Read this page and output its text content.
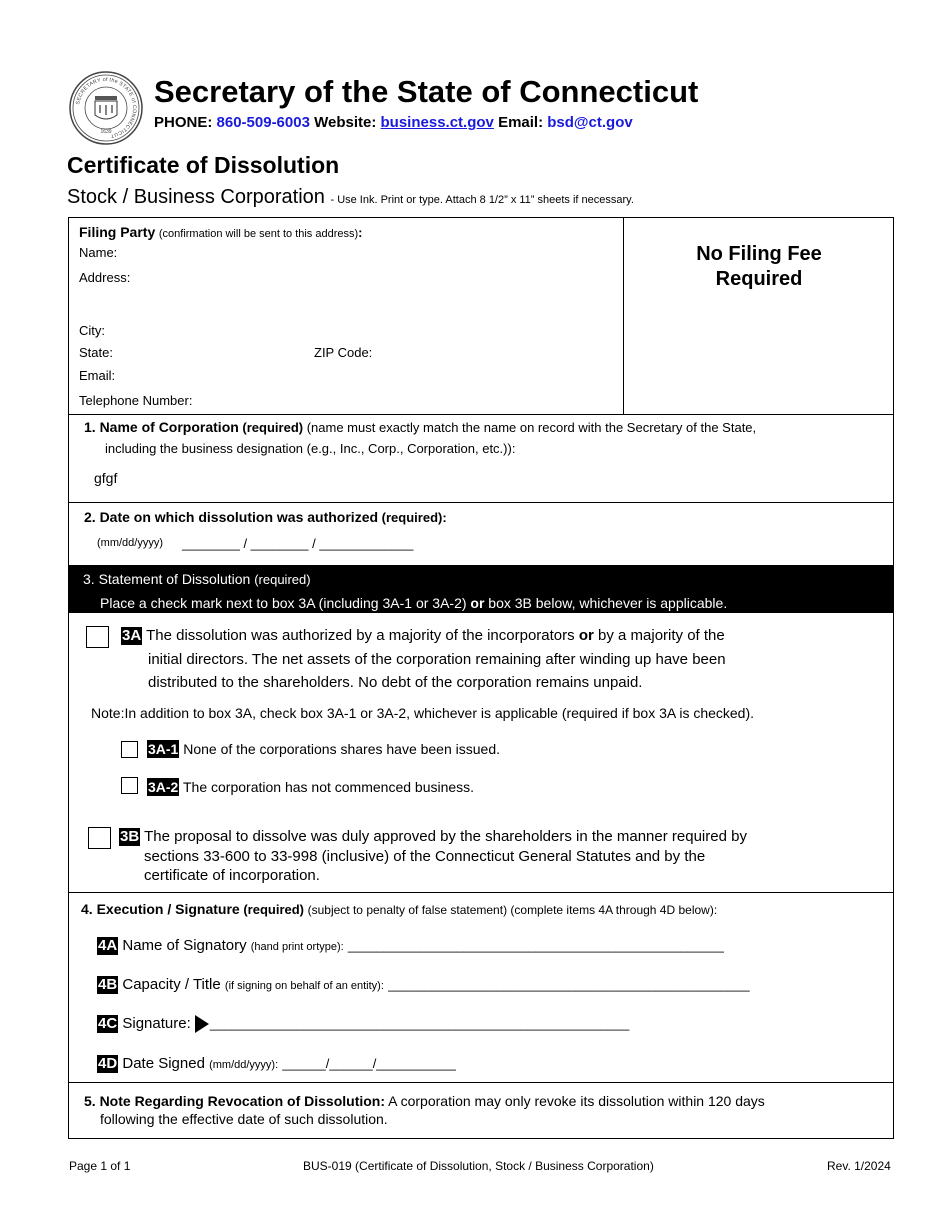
SECRETARY of the STATE of CONNECTICUT
1639
Secretary of the State of Connecticut
PHONE: 860-509-6003 Website: business.ct.gov Email: bsd@ct.gov
Certificate of Dissolution
Stock / Business Corporation - Use Ink. Print or type. Attach 8 1/2” x 11” sheets if necessary.
Filing Party (confirmation will be sent to this address):
Name:
Address:
City:
State:	ZIP Code:
Email:
Telephone Number:
No Filing Fee
Required
1. Name of Corporation (required) (name must exactly match the name on record with the Secretary of the State,
including the business designation (e.g., Inc., Corp., Corporation, etc.)):
gfgf
2. Date on which dissolution was authorized (required):
(mm/dd/yyyy) ________ / ________ / _____________
3. Statement of Dissolution (required)
Place a check mark next to box 3A (including 3A-1 or 3A-2) or box 3B below, whichever is applicable.
3A The dissolution was authorized by a majority of the incorporators or by a majority of the
initial directors. The net assets of the corporation remaining after winding up have been
distributed to the shareholders. No debt of the corporation remains unpaid.
Note:In addition to box 3A, check box 3A-1 or 3A-2, whichever is applicable (required if box 3A is checked).
3A-1 None of the corporations shares have been issued.
3A-2 The corporation has not commenced business.
3B The proposal to dissolve was duly approved by the shareholders in the manner required by
sections 33-600 to 33-998 (inclusive) of the Connecticut General Statutes and by the
certificate of incorporation.
4. Execution / Signature (required) (subject to penalty of false statement) (complete items 4A through 4D below):
4A Name of Signatory (hand print ortype): ____________________________________________________
4B Capacity / Title (if signing on behalf of an entity): __________________________________________________
4C Signature: __________________________________________________________
4D Date Signed (mm/dd/yyyy): ______/______/___________
5. Note Regarding Revocation of Dissolution: A corporation may only revoke its dissolution within 120 days
following the effective date of such dissolution.
Page 1 of 1	BUS-019 (Certificate of Dissolution, Stock / Business Corporation)	Rev. 1/2024
